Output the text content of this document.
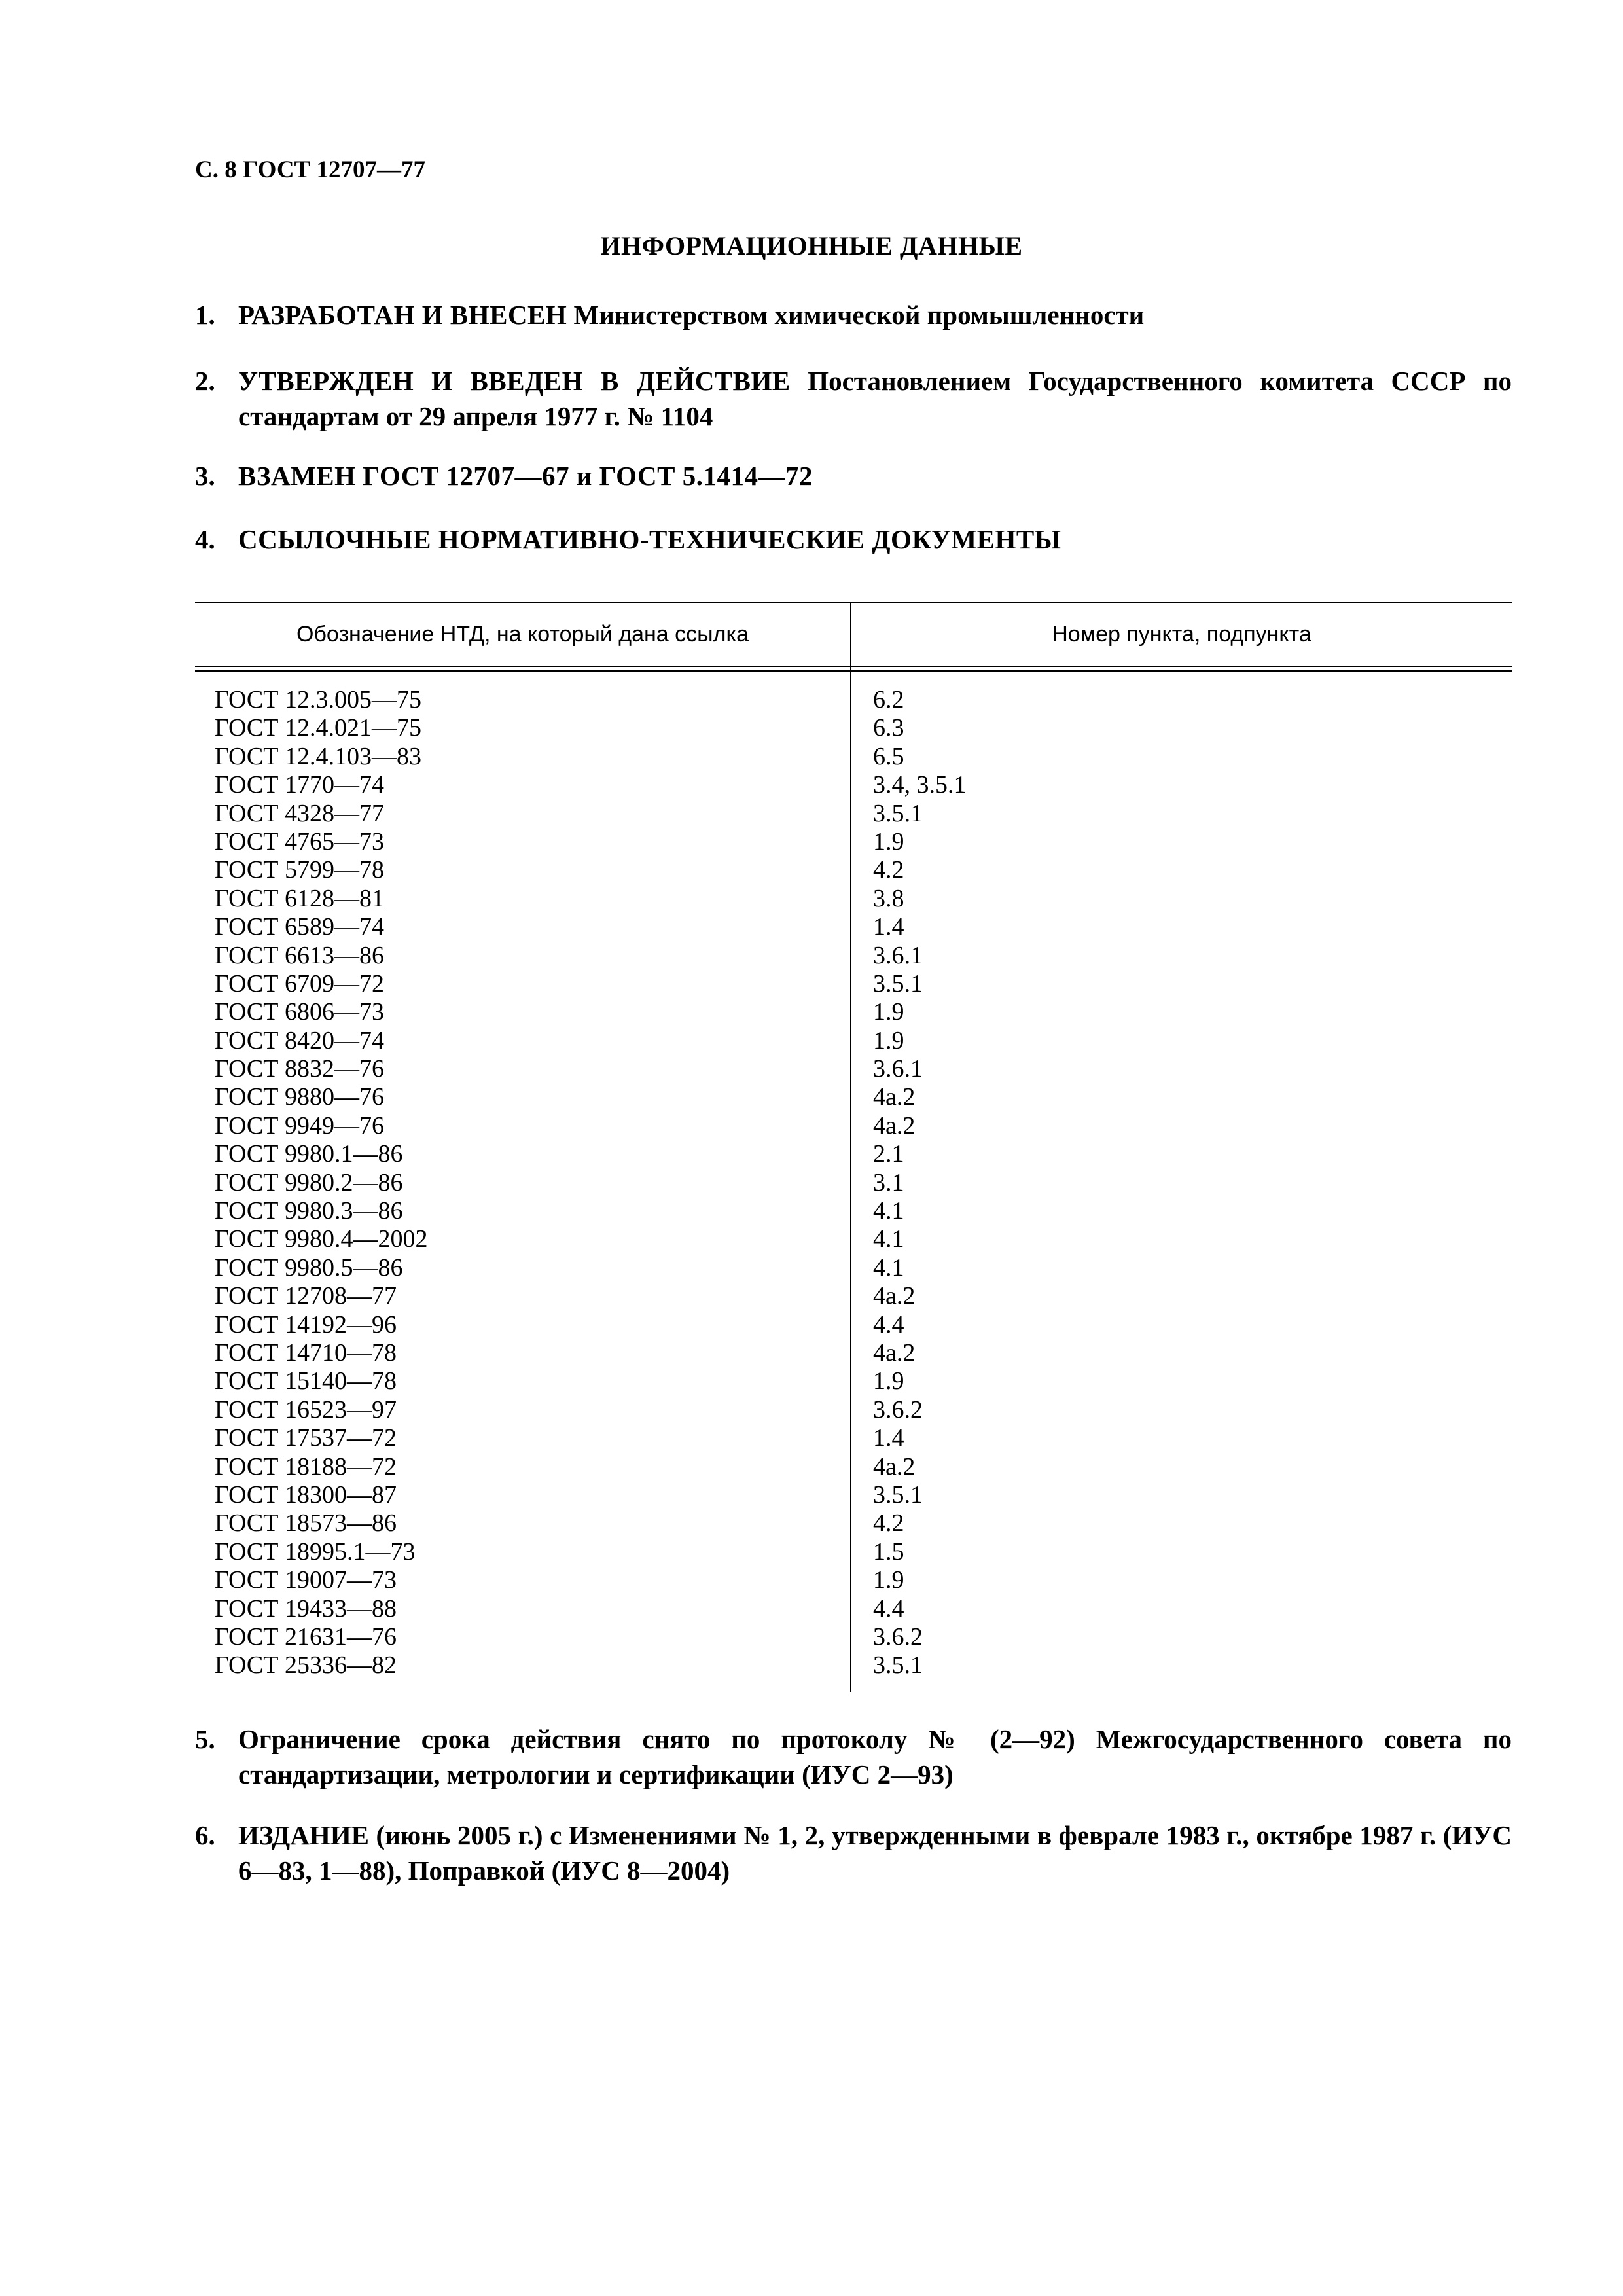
С. 8 ГОСТ 12707—77
ИНФОРМАЦИОННЫЕ ДАННЫЕ
1. РАЗРАБОТАН И ВНЕСЕН Министерством химической промышленности
2. УТВЕРЖДЕН И ВВЕДЕН В ДЕЙСТВИЕ Постановлением Государственного комитета СССР по стандартам от 29 апреля 1977 г. № 1104
3. ВЗАМЕН ГОСТ 12707—67 и ГОСТ 5.1414—72
4. ССЫЛОЧНЫЕ НОРМАТИВНО-ТЕХНИЧЕСКИЕ ДОКУМЕНТЫ
Обозначение НТД, на который дана ссылка	Номер пункта, подпункта
ГОСТ 12.3.005—75	6.2
ГОСТ 12.4.021—75	6.3
ГОСТ 12.4.103—83	6.5
ГОСТ 1770—74	3.4, 3.5.1
ГОСТ 4328—77	3.5.1
ГОСТ 4765—73	1.9
ГОСТ 5799—78	4.2
ГОСТ 6128—81	3.8
ГОСТ 6589—74	1.4
ГОСТ 6613—86	3.6.1
ГОСТ 6709—72	3.5.1
ГОСТ 6806—73	1.9
ГОСТ 8420—74	1.9
ГОСТ 8832—76	3.6.1
ГОСТ 9880—76	4а.2
ГОСТ 9949—76	4а.2
ГОСТ 9980.1—86	2.1
ГОСТ 9980.2—86	3.1
ГОСТ 9980.3—86	4.1
ГОСТ 9980.4—2002	4.1
ГОСТ 9980.5—86	4.1
ГОСТ 12708—77	4а.2
ГОСТ 14192—96	4.4
ГОСТ 14710—78	4а.2
ГОСТ 15140—78	1.9
ГОСТ 16523—97	3.6.2
ГОСТ 17537—72	1.4
ГОСТ 18188—72	4а.2
ГОСТ 18300—87	3.5.1
ГОСТ 18573—86	4.2
ГОСТ 18995.1—73	1.5
ГОСТ 19007—73	1.9
ГОСТ 19433—88	4.4
ГОСТ 21631—76	3.6.2
ГОСТ 25336—82	3.5.1
5. Ограничение срока действия снято по протоколу № (2—92) Межгосударственного совета по стандартизации, метрологии и сертификации (ИУС 2—93)
6. ИЗДАНИЕ (июнь 2005 г.) с Изменениями № 1, 2, утвержденными в феврале 1983 г., октябре 1987 г. (ИУС 6—83, 1—88), Поправкой (ИУС 8—2004)
